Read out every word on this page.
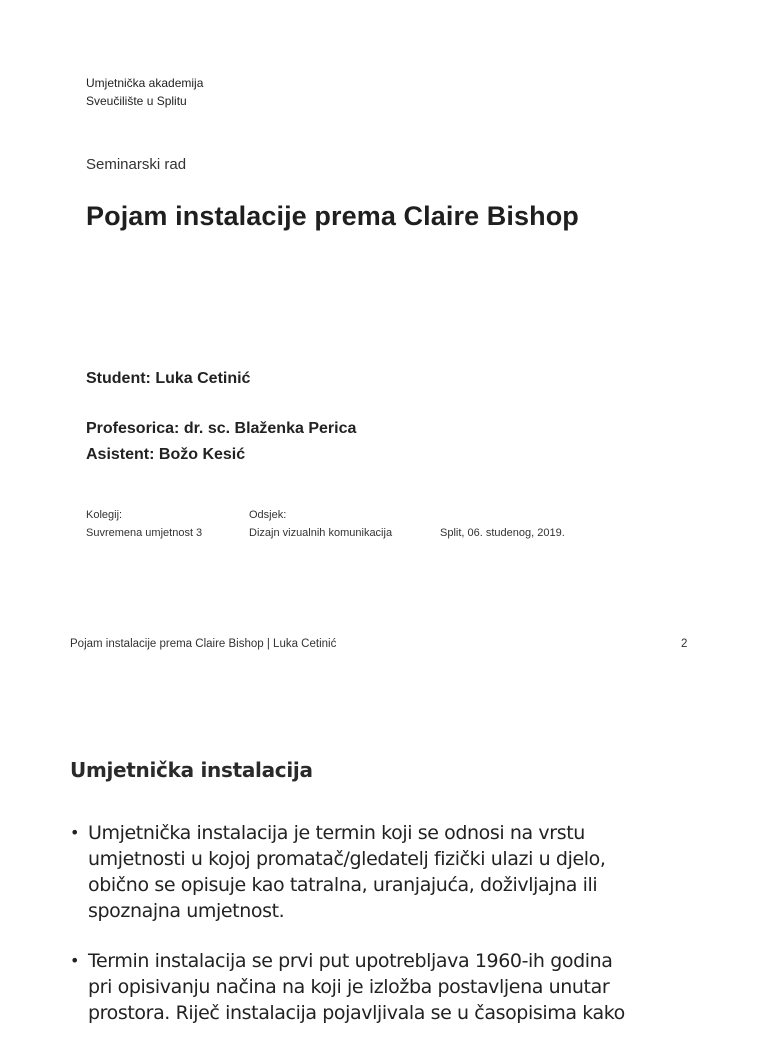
Umjetnička akademija
Sveučilište u Splitu
Seminarski rad
Pojam instalacije prema Claire Bishop
Student: Luka Cetinić
Profesorica: dr. sc. Blaženka Perica
Asistent: Božo Kesić
Kolegij:
Suvremena umjetnost 3
Odsjek:
Dizajn vizualnih komunikacija	Split, 06. studenog, 2019.
Pojam instalacije prema Claire Bishop | Luka Cetinić	2
Umjetnička instalacija
• Umjetnička instalacija je termin koji se odnosi na vrstu umjetnosti u kojoj promatač/gledatelj fizički ulazi u djelo, obično se opisuje kao tatralna, uranjajuća, doživljajna ili spoznajna umjetnost.
• Termin instalacija se prvi put upotrebljava 1960-ih godina pri opisivanju načina na koji je izložba postavljena unutar prostora. Riječ instalacija pojavljivala se u časopisima kako
